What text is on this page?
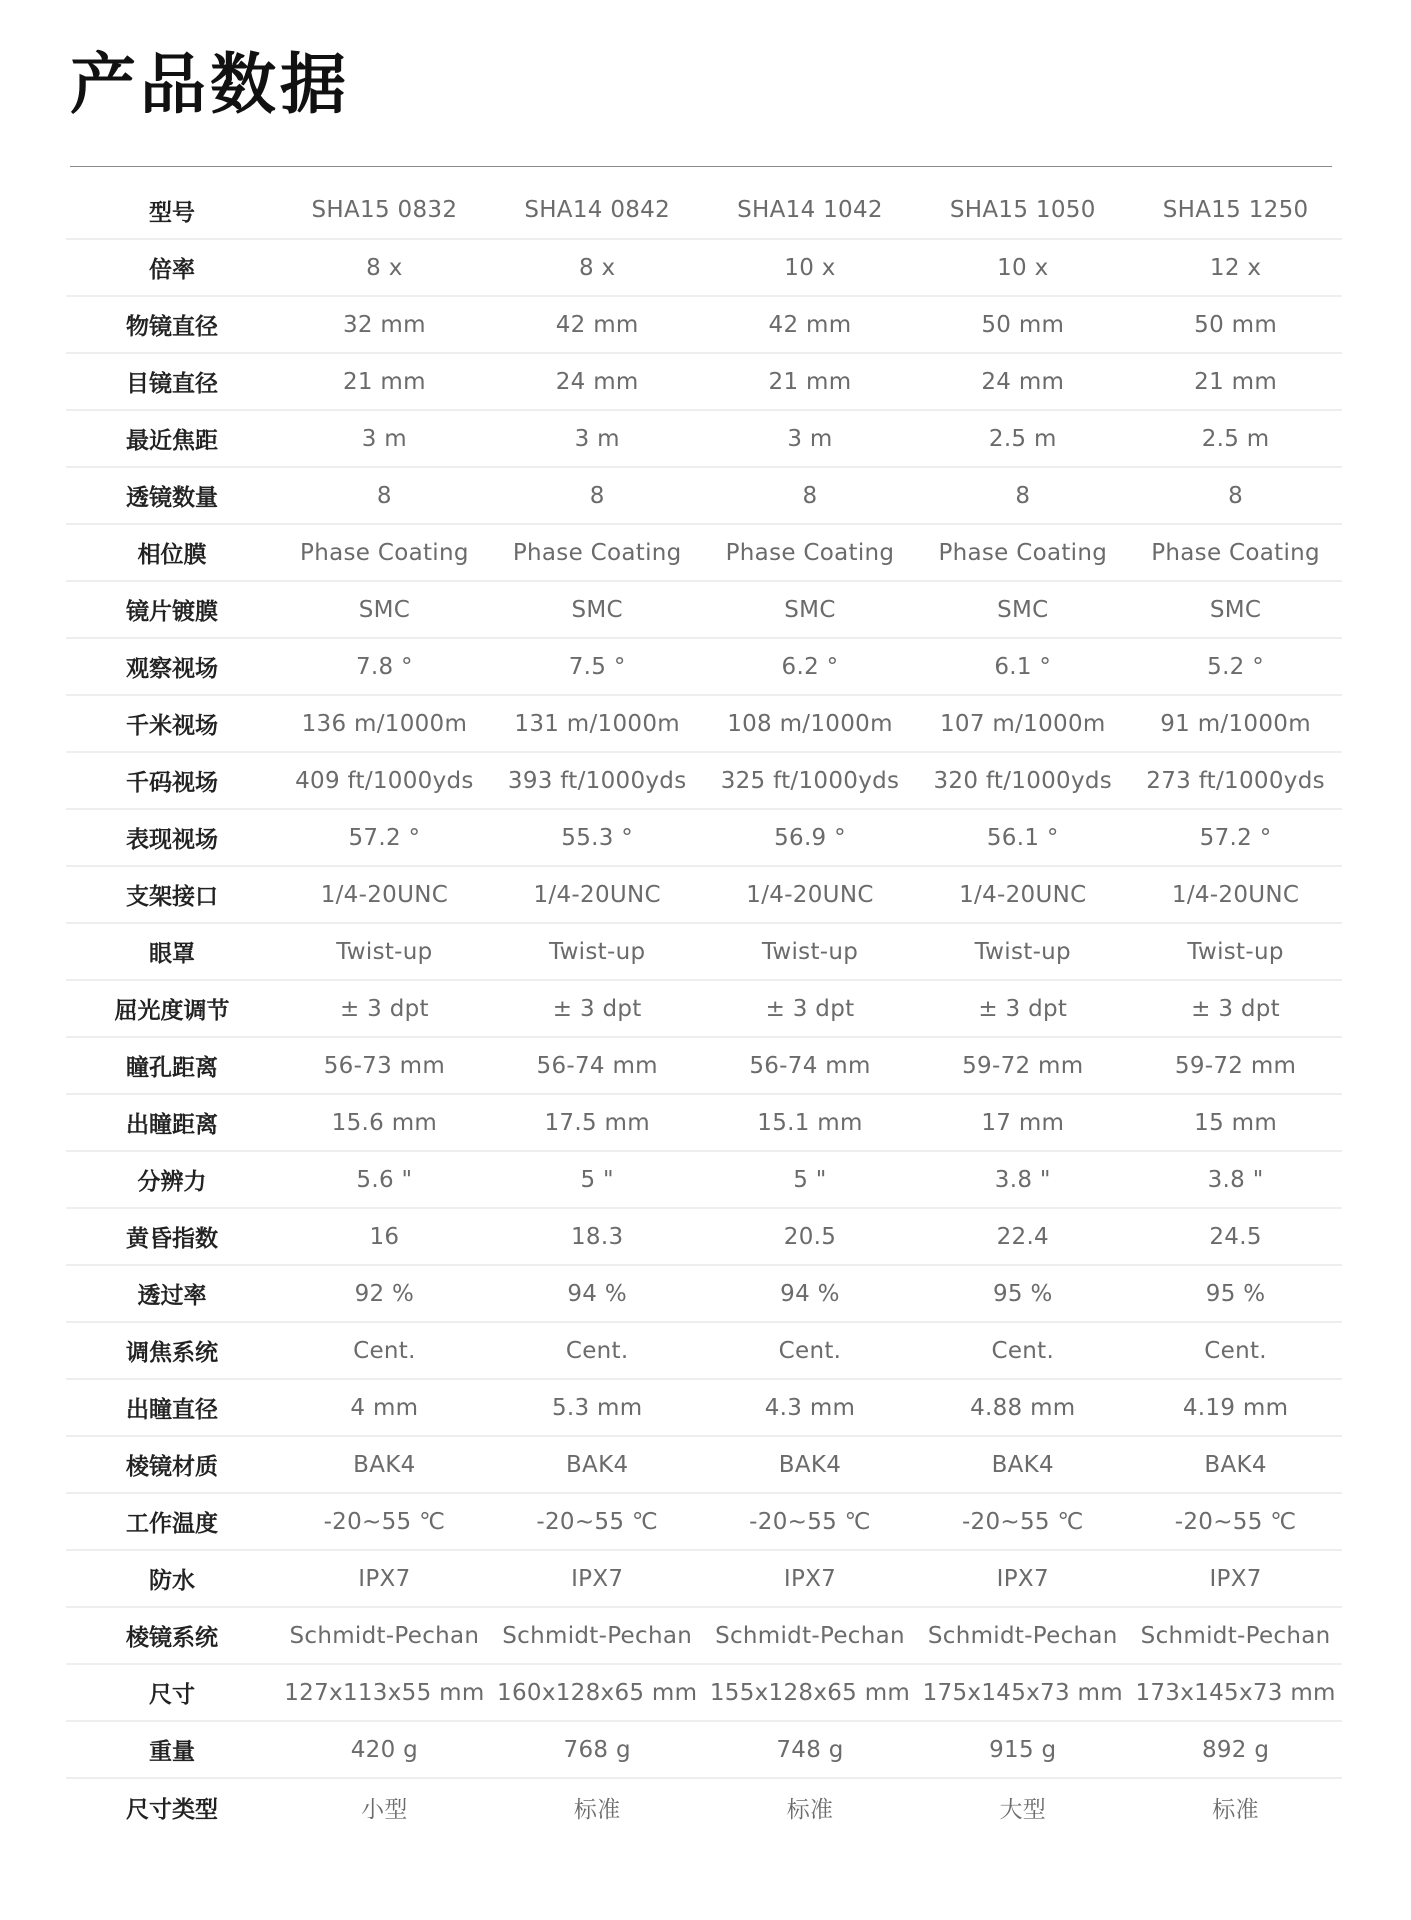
产品数据
型号	SHA15 0832	SHA14 0842	SHA14 1042	SHA15 1050	SHA15 1250
倍率	8 x	8 x	10 x	10 x	12 x
物镜直径	32 mm	42 mm	42 mm	50 mm	50 mm
目镜直径	21 mm	24 mm	21 mm	24 mm	21 mm
最近焦距	3 m	3 m	3 m	2.5 m	2.5 m
透镜数量	8	8	8	8	8
相位膜	Phase Coating	Phase Coating	Phase Coating	Phase Coating	Phase Coating
镜片镀膜	SMC	SMC	SMC	SMC	SMC
观察视场	7.8 °	7.5 °	6.2 °	6.1 °	5.2 °
千米视场	136 m/1000m	131 m/1000m	108 m/1000m	107 m/1000m	91 m/1000m
千码视场	409 ft/1000yds	393 ft/1000yds	325 ft/1000yds	320 ft/1000yds	273 ft/1000yds
表现视场	57.2 °	55.3 °	56.9 °	56.1 °	57.2 °
支架接口	1/4-20UNC	1/4-20UNC	1/4-20UNC	1/4-20UNC	1/4-20UNC
眼罩	Twist-up	Twist-up	Twist-up	Twist-up	Twist-up
屈光度调节	± 3 dpt	± 3 dpt	± 3 dpt	± 3 dpt	± 3 dpt
瞳孔距离	56-73 mm	56-74 mm	56-74 mm	59-72 mm	59-72 mm
出瞳距离	15.6 mm	17.5 mm	15.1 mm	17 mm	15 mm
分辨力	5.6 "	5 "	5 "	3.8 "	3.8 "
黄昏指数	16	18.3	20.5	22.4	24.5
透过率	92 %	94 %	94 %	95 %	95 %
调焦系统	Cent.	Cent.	Cent.	Cent.	Cent.
出瞳直径	4 mm	5.3 mm	4.3 mm	4.88 mm	4.19 mm
棱镜材质	BAK4	BAK4	BAK4	BAK4	BAK4
工作温度	-20~55 ℃	-20~55 ℃	-20~55 ℃	-20~55 ℃	-20~55 ℃
防水	IPX7	IPX7	IPX7	IPX7	IPX7
棱镜系统	Schmidt-Pechan	Schmidt-Pechan	Schmidt-Pechan	Schmidt-Pechan	Schmidt-Pechan
尺寸	127x113x55 mm	160x128x65 mm	155x128x65 mm	175x145x73 mm	173x145x73 mm
重量	420 g	768 g	748 g	915 g	892 g
尺寸类型	小型	标准	标准	大型	标准
